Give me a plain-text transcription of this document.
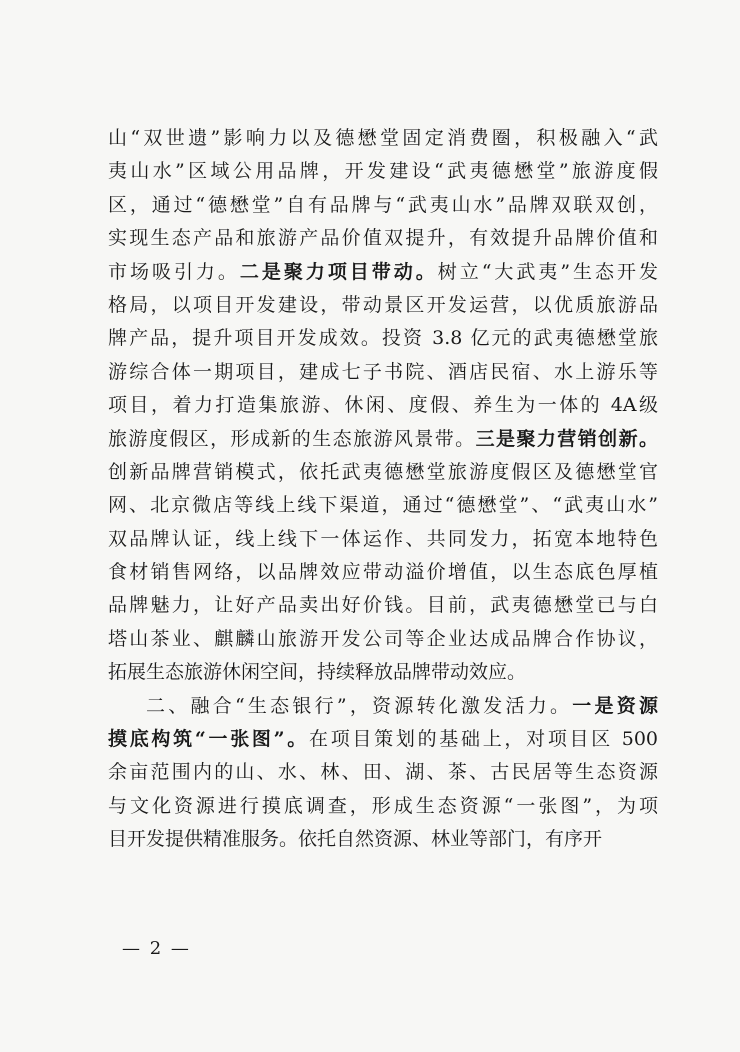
山“双世遗”影响力以及德懋堂固定消费圈，积极融入“武
夷山水”区域公用品牌，开发建设“武夷德懋堂”旅游度假
区，通过“德懋堂”自有品牌与“武夷山水”品牌双联双创，
实现生态产品和旅游产品价值双提升，有效提升品牌价值和
市场吸引力。二是聚力项目带动。树立“大武夷”生态开发
格局，以项目开发建设，带动景区开发运营，以优质旅游品
牌产品，提升项目开发成效。投资 3.8 亿元的武夷德懋堂旅
游综合体一期项目，建成七子书院、酒店民宿、水上游乐等
项目，着力打造集旅游、休闲、度假、养生为一体的 4A级
旅游度假区，形成新的生态旅游风景带。三是聚力营销创新。
创新品牌营销模式，依托武夷德懋堂旅游度假区及德懋堂官
网、北京微店等线上线下渠道，通过“德懋堂”、“武夷山水”
双品牌认证，线上线下一体运作、共同发力，拓宽本地特色
食材销售网络，以品牌效应带动溢价增值，以生态底色厚植
品牌魅力，让好产品卖出好价钱。目前，武夷德懋堂已与白
塔山茶业、麒麟山旅游开发公司等企业达成品牌合作协议，
拓展生态旅游休闲空间，持续释放品牌带动效应。
二、融合“生态银行”，资源转化激发活力。一是资源
摸底构筑“一张图”。在项目策划的基础上，对项目区 500
余亩范围内的山、水、林、田、湖、茶、古民居等生态资源
与文化资源进行摸底调查，形成生态资源“一张图”，为项
目开发提供精准服务。依托自然资源、林业等部门，有序开
— 2 —
